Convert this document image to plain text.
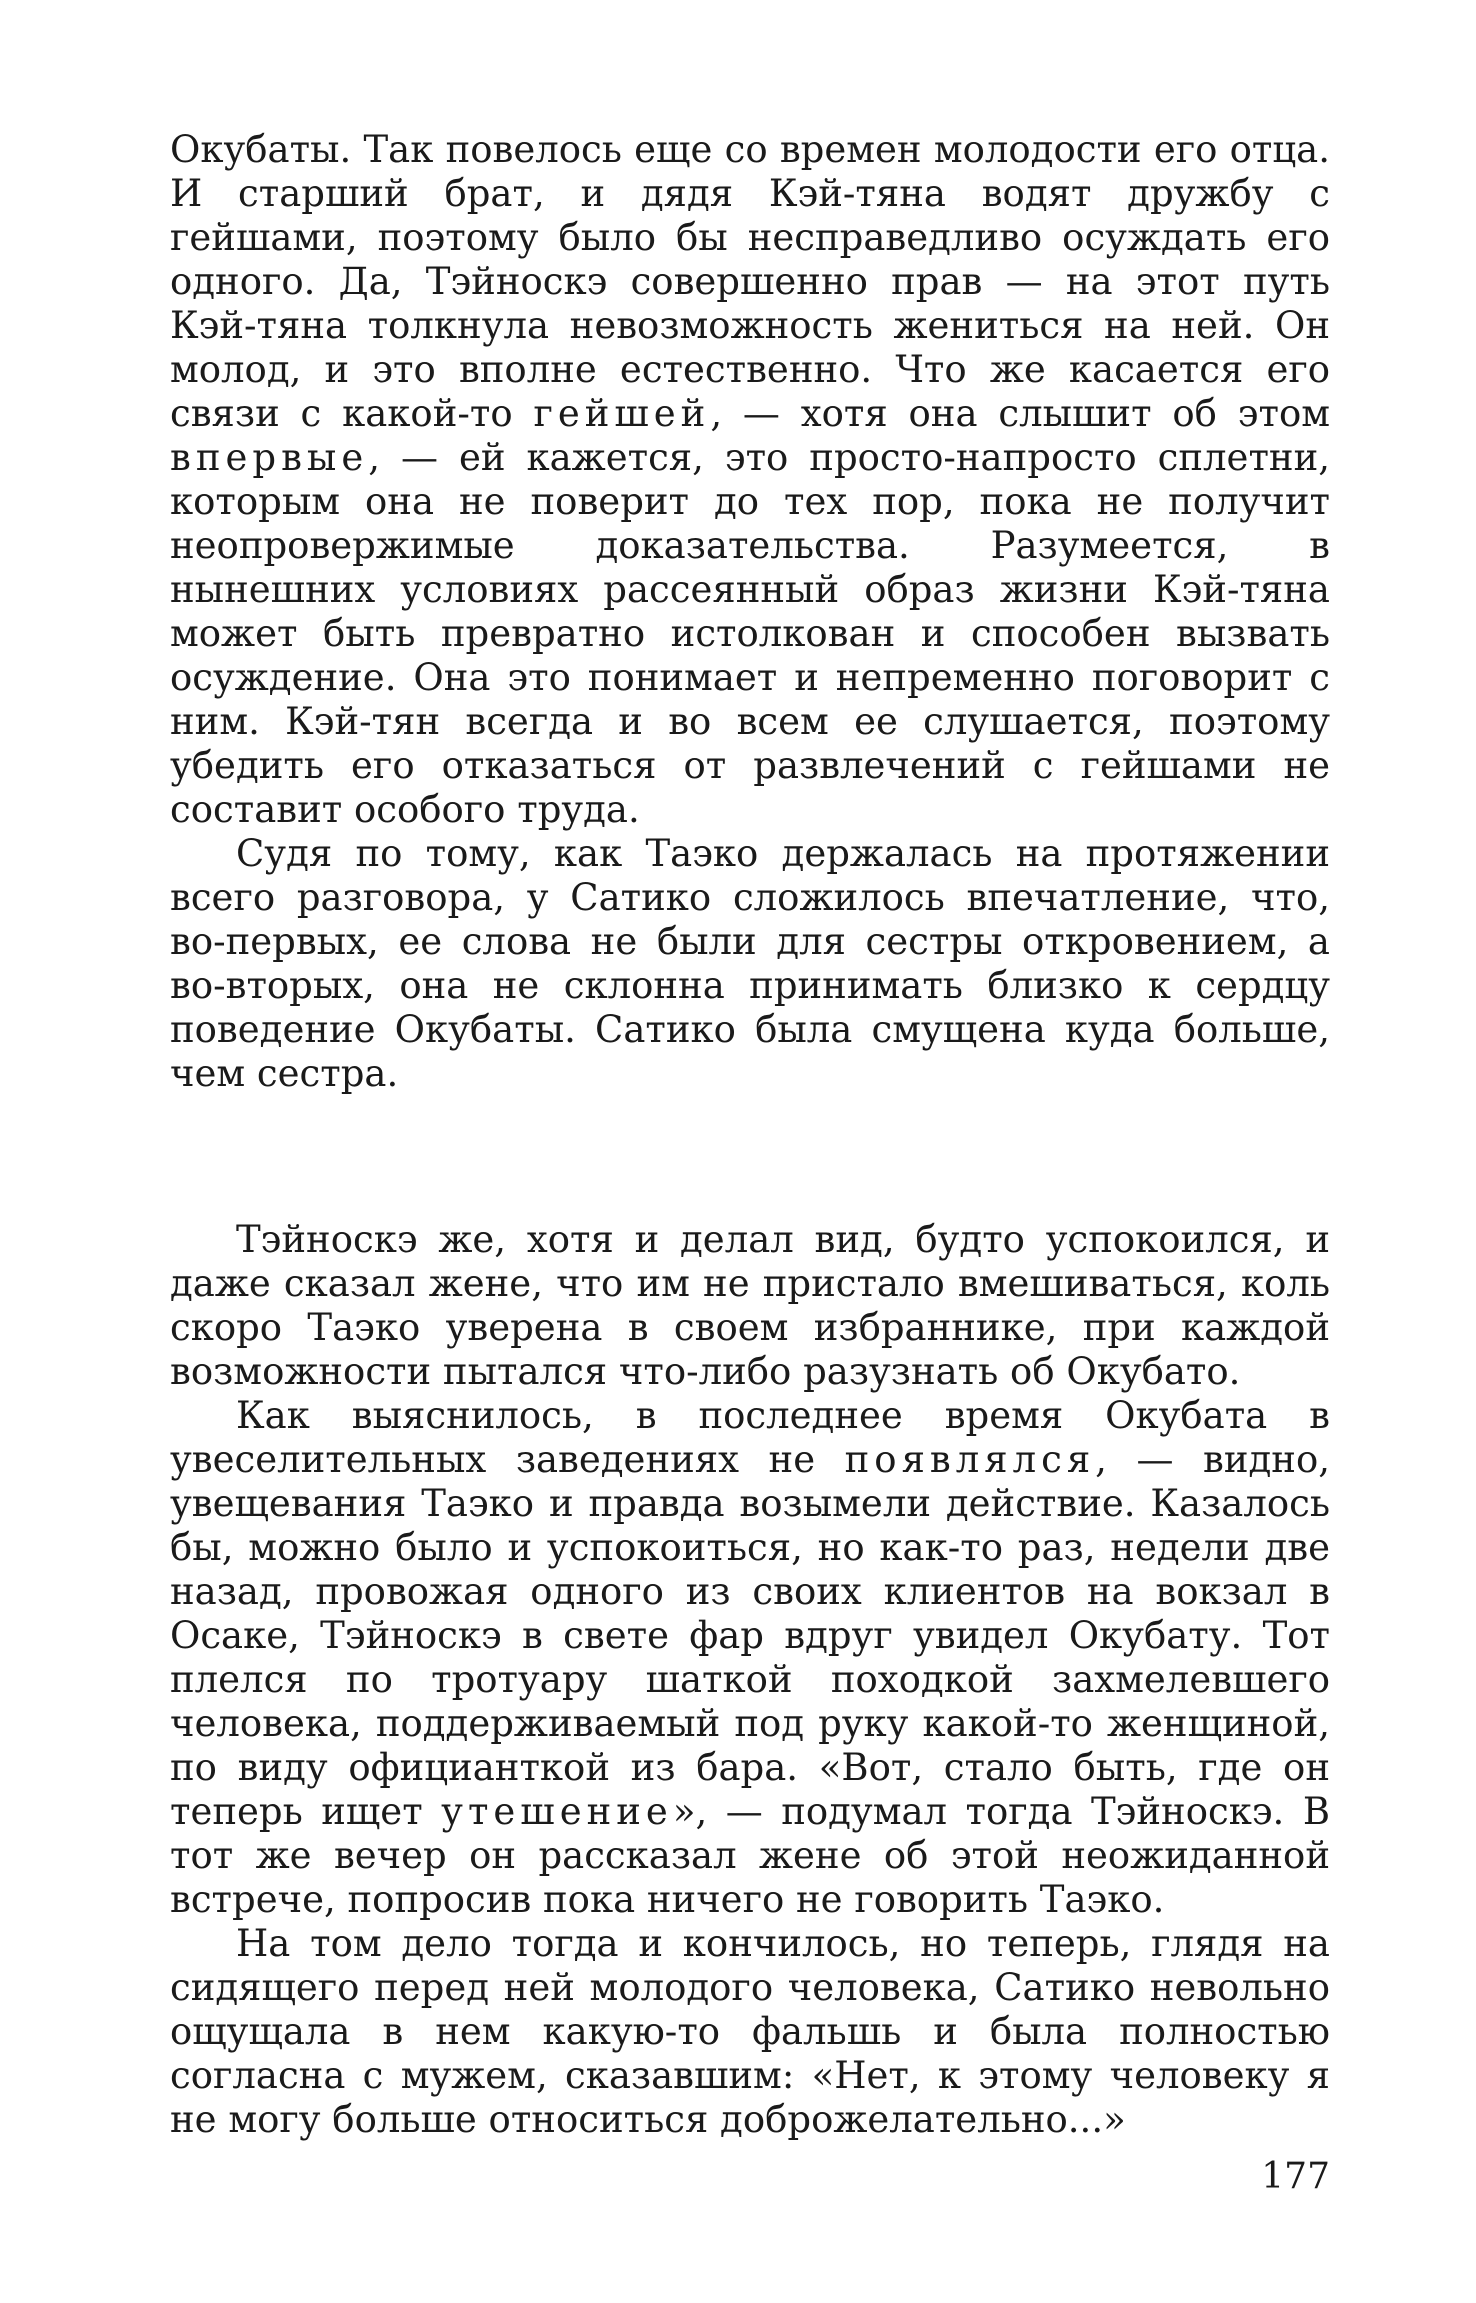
Окубаты. Так повелось еще со времен молодости его отца. И старший брат, и дядя Кэй-тяна водят дружбу с гейшами, поэтому было бы несправедливо осуждать его одного. Да, Тэйноскэ совершенно прав — на этот путь Кэй-тяна толкнула невозможность жениться на ней. Он молод, и это вполне естественно. Что же касается его связи с какой-то гейшей, — хотя она слышит об этом впервые, — ей кажется, это просто-напросто сплетни, которым она не поверит до тех пор, пока не получит неопровержимые доказательства. Разумеется, в нынешних условиях рассеянный образ жизни Кэй-тяна может быть превратно истолкован и способен вызвать осуждение. Она это понимает и непременно поговорит с ним. Кэй-тян всегда и во всем ее слушается, поэтому убедить его отказаться от развлечений с гейшами не составит особого труда.

Судя по тому, как Таэко держалась на протяжении всего разговора, у Сатико сложилось впечатление, что, во-первых, ее слова не были для сестры откровением, а во-вторых, она не склонна принимать близко к сердцу поведение Окубаты. Сатико была смущена куда больше, чем сестра.

Тэйноскэ же, хотя и делал вид, будто успокоился, и даже сказал жене, что им не пристало вмешиваться, коль скоро Таэко уверена в своем избраннике, при каждой возможности пытался что-либо разузнать об Окубато.

Как выяснилось, в последнее время Окубата в увеселительных заведениях не появлялся, — видно, увещевания Таэко и правда возымели действие. Казалось бы, можно было и успокоиться, но как-то раз, недели две назад, провожая одного из своих клиентов на вокзал в Осаке, Тэйноскэ в свете фар вдруг увидел Окубату. Тот плелся по тротуару шаткой походкой захмелевшего человека, поддерживаемый под руку какой-то женщиной, по виду официанткой из бара. «Вот, стало быть, где он теперь ищет утешение», — подумал тогда Тэйноскэ. В тот же вечер он рассказал жене об этой неожиданной встрече, попросив пока ничего не говорить Таэко.

На том дело тогда и кончилось, но теперь, глядя на сидящего перед ней молодого человека, Сатико невольно ощущала в нем какую-то фальшь и была полностью согласна с мужем, сказавшим: «Нет, к этому человеку я не могу больше относиться доброжелательно...»

177
